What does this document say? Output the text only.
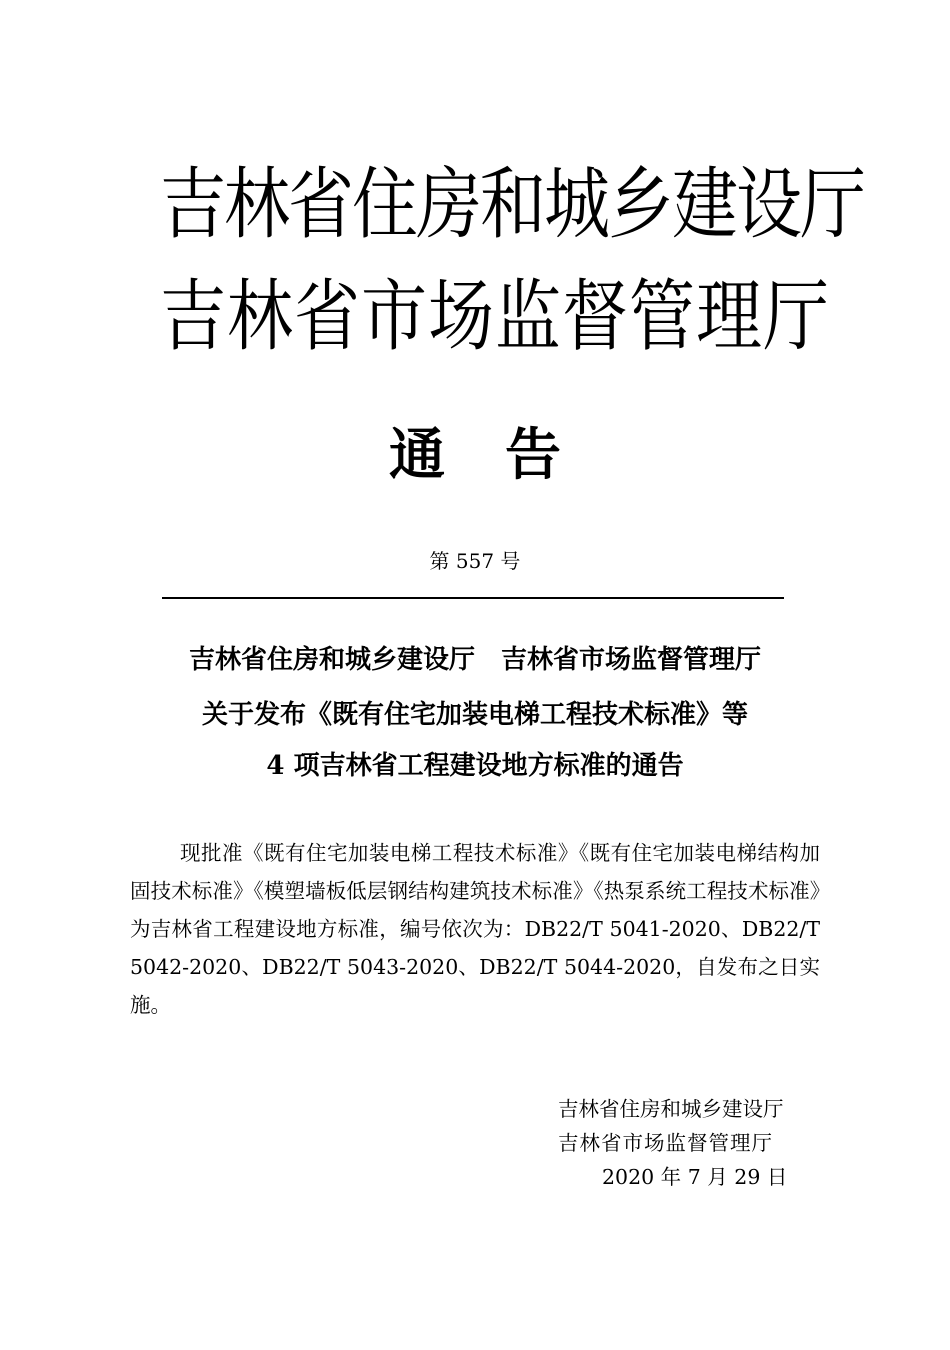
吉林省住房和城乡建设厅
吉林省市场监督管理厅
通告
第 557 号
吉林省住房和城乡建设厅　吉林省市场监督管理厅
关于发布《既有住宅加装电梯工程技术标准》等
4 项吉林省工程建设地方标准的通告
现批准《既有住宅加装电梯工程技术标准》《既有住宅加装电梯结构加固技术标准》《模塑墙板低层钢结构建筑技术标准》《热泵系统工程技术标准》为吉林省工程建设地方标准，编号依次为：DB22/T 5041-2020、DB22/T 5042-2020、DB22/T 5043-2020、DB22/T 5044-2020，自发布之日实施。
吉林省住房和城乡建设厅
吉林省市场监督管理厅
2020 年 7 月 29 日
